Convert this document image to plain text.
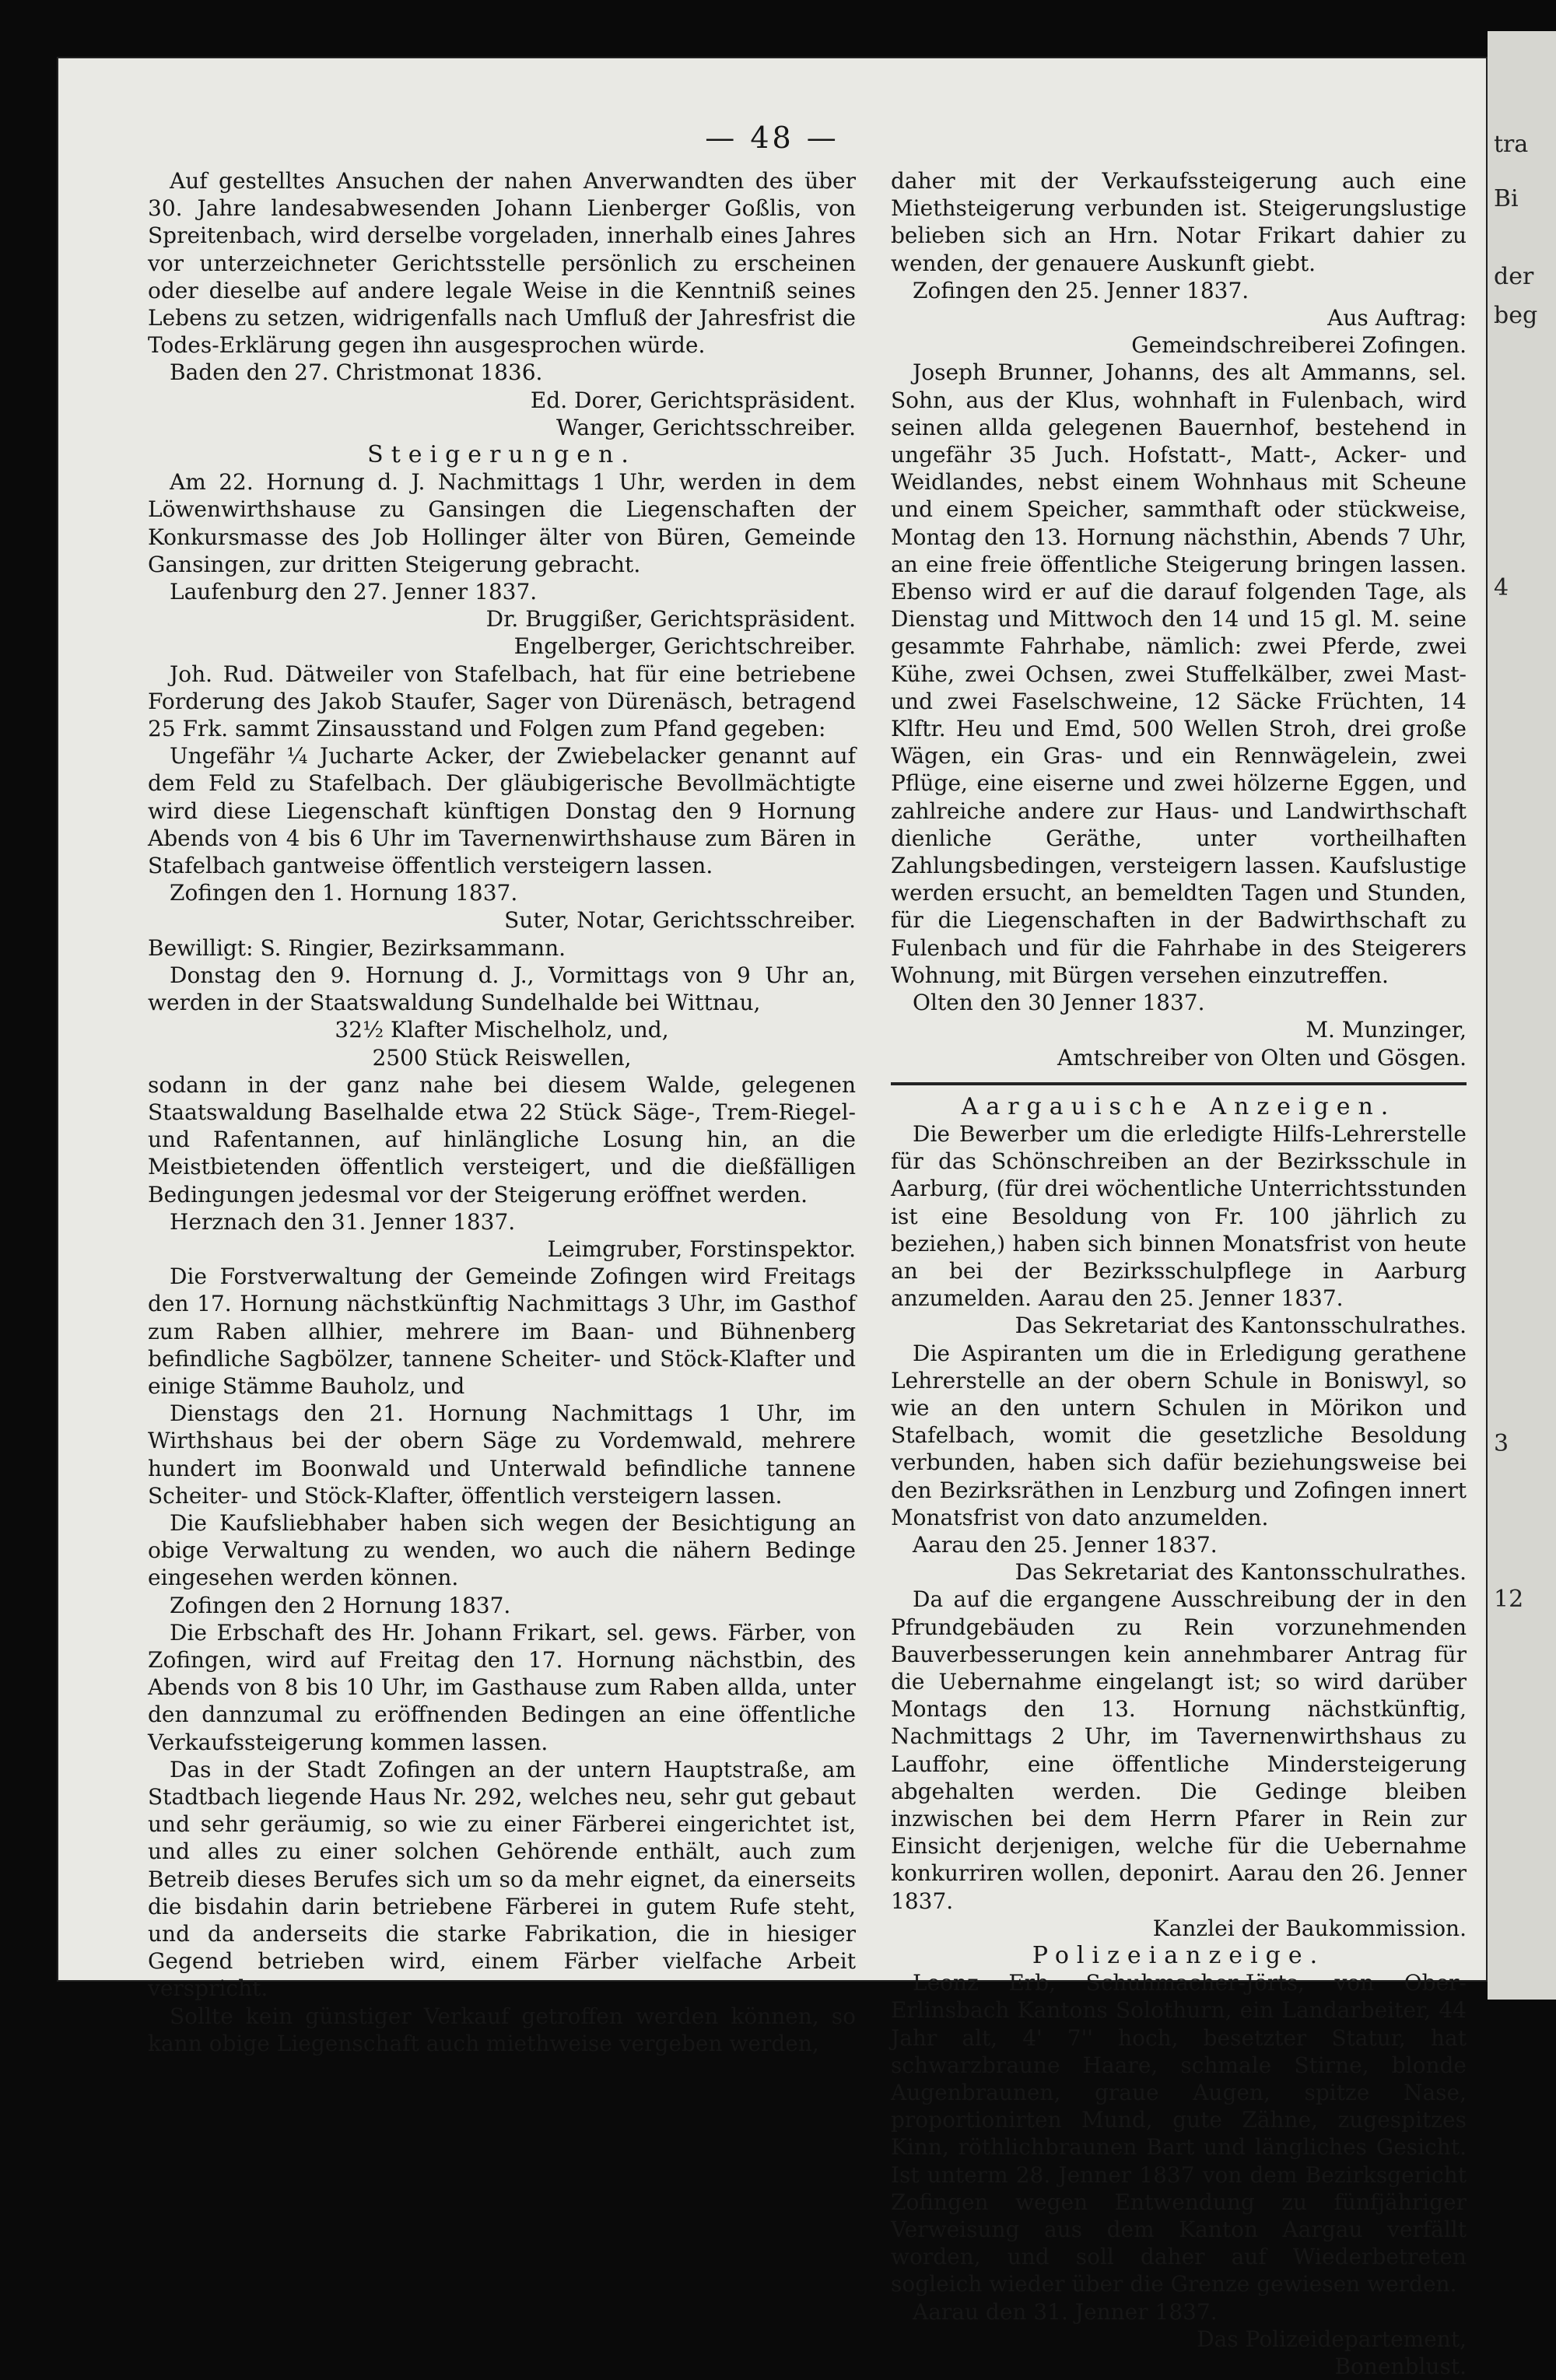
— 48 —

Auf gestelltes Ansuchen der nahen Anverwandten des über 30. Jahre landesabwesenden Johann Lienberger Goßlis, von Spreitenbach, wird derselbe vorgeladen, innerhalb eines Jahres vor unterzeichneter Gerichtsstelle persönlich zu erscheinen oder dieselbe auf andere legale Weise in die Kenntniß seines Lebens zu setzen, widrigenfalls nach Umfluß der Jahresfrist die Todes-Erklärung gegen ihn ausgesprochen würde.

Baden den 27. Christmonat 1836.

Ed. Dorer, Gerichtspräsident.

Wanger, Gerichtsschreiber.

Steigerungen.

Am 22. Hornung d. J. Nachmittags 1 Uhr, werden in dem Löwenwirthshause zu Gansingen die Liegenschaften der Konkursmasse des Job Hollinger älter von Büren, Gemeinde Gansingen, zur dritten Steigerung gebracht.

Laufenburg den 27. Jenner 1837.

Dr. Bruggißer, Gerichtspräsident.

Engelberger, Gerichtschreiber.

Joh. Rud. Dätweiler von Stafelbach, hat für eine betriebene Forderung des Jakob Staufer, Sager von Dürenäsch, betragend 25 Frk. sammt Zinsausstand und Folgen zum Pfand gegeben:

Ungefähr ¼ Jucharte Acker, der Zwiebelacker genannt auf dem Feld zu Stafelbach. Der gläubigerische Bevollmächtigte wird diese Liegenschaft künftigen Donstag den 9 Hornung Abends von 4 bis 6 Uhr im Tavernenwirthshause zum Bären in Stafelbach gantweise öffentlich versteigern lassen.

Zofingen den 1. Hornung 1837.

Suter, Notar, Gerichtsschreiber.

Bewilligt: S. Ringier, Bezirksammann.

Donstag den 9. Hornung d. J., Vormittags von 9 Uhr an, werden in der Staatswaldung Sundelhalde bei Wittnau,

32½ Klafter Mischelholz, und,

2500 Stück Reiswellen,

sodann in der ganz nahe bei diesem Walde, gelegenen Staatswaldung Baselhalde etwa 22 Stück Säge-, Trem-Riegel- und Rafentannen, auf hinlängliche Losung hin, an die Meistbietenden öffentlich versteigert, und die dießfälligen Bedingungen jedesmal vor der Steigerung eröffnet werden.

Herznach den 31. Jenner 1837.

Leimgruber, Forstinspektor.

Die Forstverwaltung der Gemeinde Zofingen wird Freitags den 17. Hornung nächstkünftig Nachmittags 3 Uhr, im Gasthof zum Raben allhier, mehrere im Baan- und Bühnenberg befindliche Sagbölzer, tannene Scheiter- und Stöck-Klafter und einige Stämme Bauholz, und

Dienstags den 21. Hornung Nachmittags 1 Uhr, im Wirthshaus bei der obern Säge zu Vordemwald, mehrere hundert im Boonwald und Unterwald befindliche tannene Scheiter- und Stöck-Klafter, öffentlich versteigern lassen.

Die Kaufsliebhaber haben sich wegen der Besichtigung an obige Verwaltung zu wenden, wo auch die nähern Bedinge eingesehen werden können.

Zofingen den 2 Hornung 1837.

Die Erbschaft des Hr. Johann Frikart, sel. gews. Färber, von Zofingen, wird auf Freitag den 17. Hornung nächstbin, des Abends von 8 bis 10 Uhr, im Gasthause zum Raben allda, unter den dannzumal zu eröffnenden Bedingen an eine öffentliche Verkaufssteigerung kommen lassen.

Das in der Stadt Zofingen an der untern Hauptstraße, am Stadtbach liegende Haus Nr. 292, welches neu, sehr gut gebaut und sehr geräumig, so wie zu einer Färberei eingerichtet ist, und alles zu einer solchen Gehörende enthält, auch zum Betreib dieses Berufes sich um so da mehr eignet, da einerseits die bisdahin darin betriebene Färberei in gutem Rufe steht, und da anderseits die starke Fabrikation, die in hiesiger Gegend betrieben wird, einem Färber vielfache Arbeit verspricht.

Sollte kein günstiger Verkauf getroffen werden können, so kann obige Liegenschaft auch miethweise vergeben werden,

daher mit der Verkaufssteigerung auch eine Miethsteigerung verbunden ist. Steigerungslustige belieben sich an Hrn. Notar Frikart dahier zu wenden, der genauere Auskunft giebt.

Zofingen den 25. Jenner 1837.

Aus Auftrag:

Gemeindschreiberei Zofingen.

Joseph Brunner, Johanns, des alt Ammanns, sel. Sohn, aus der Klus, wohnhaft in Fulenbach, wird seinen allda gelegenen Bauernhof, bestehend in ungefähr 35 Juch. Hofstatt-, Matt-, Acker- und Weidlandes, nebst einem Wohnhaus mit Scheune und einem Speicher, sammthaft oder stückweise, Montag den 13. Hornung nächsthin, Abends 7 Uhr, an eine freie öffentliche Steigerung bringen lassen. Ebenso wird er auf die darauf folgenden Tage, als Dienstag und Mittwoch den 14 und 15 gl. M. seine gesammte Fahrhabe, nämlich: zwei Pferde, zwei Kühe, zwei Ochsen, zwei Stuffelkälber, zwei Mast- und zwei Faselschweine, 12 Säcke Früchten, 14 Klftr. Heu und Emd, 500 Wellen Stroh, drei große Wägen, ein Gras- und ein Rennwägelein, zwei Pflüge, eine eiserne und zwei hölzerne Eggen, und zahlreiche andere zur Haus- und Landwirthschaft dienliche Geräthe, unter vortheilhaften Zahlungsbedingen, versteigern lassen. Kaufslustige werden ersucht, an bemeldten Tagen und Stunden, für die Liegenschaften in der Badwirthschaft zu Fulenbach und für die Fahrhabe in des Steigerers Wohnung, mit Bürgen versehen einzutreffen.

Olten den 30 Jenner 1837.

M. Munzinger,

Amtschreiber von Olten und Gösgen.

Aargauische Anzeigen.

Die Bewerber um die erledigte Hilfs-Lehrerstelle für das Schönschreiben an der Bezirksschule in Aarburg, (für drei wöchentliche Unterrichtsstunden ist eine Besoldung von Fr. 100 jährlich zu beziehen,) haben sich binnen Monatsfrist von heute an bei der Bezirksschulpflege in Aarburg anzumelden. Aarau den 25. Jenner 1837.

Das Sekretariat des Kantonsschulrathes.

Die Aspiranten um die in Erledigung gerathene Lehrerstelle an der obern Schule in Boniswyl, so wie an den untern Schulen in Mörikon und Stafelbach, womit die gesetzliche Besoldung verbunden, haben sich dafür beziehungsweise bei den Bezirksräthen in Lenzburg und Zofingen innert Monatsfrist von dato anzumelden.

Aarau den 25. Jenner 1837.

Das Sekretariat des Kantonsschulrathes.

Da auf die ergangene Ausschreibung der in den Pfrundgebäuden zu Rein vorzunehmenden Bauverbesserungen kein annehmbarer Antrag für die Uebernahme eingelangt ist; so wird darüber Montags den 13. Hornung nächstkünftig, Nachmittags 2 Uhr, im Tavernenwirthshaus zu Lauffohr, eine öffentliche Mindersteigerung abgehalten werden. Die Gedinge bleiben inzwischen bei dem Herrn Pfarer in Rein zur Einsicht derjenigen, welche für die Uebernahme konkurriren wollen, deponirt. Aarau den 26. Jenner 1837.

Kanzlei der Baukommission.

Polizeianzeige.

Leonz Erb, Schuhmacher-Jörts, von Ober-Erlinsbach Kantons Solothurn, ein Landarbeiter, 44 Jahr alt, 4' 7'' hoch, besetzter Statur, hat schwarzbraune Haare, schmale Stirne, blonde Augenbraunen, graue Augen, spitze Nase, proportionirten Mund, gute Zähne, zugespitzes Kinn, röthlichbraunen Bart und längliches Gesicht. Ist unterm 28. Jenner 1837 von dem Bezirksgericht Zofingen wegen Entwendung zu fünfjähriger Verweisung aus dem Kanton Aargau verfällt worden, und soll daher auf Wiederbetreten sogleich wieder über die Grenze gewiesen werden.

Aarau den 31. Jenner 1837.

Das Polizeidepartement,

Bonenblust.

tra
Bi
der
beg
4
3
12
